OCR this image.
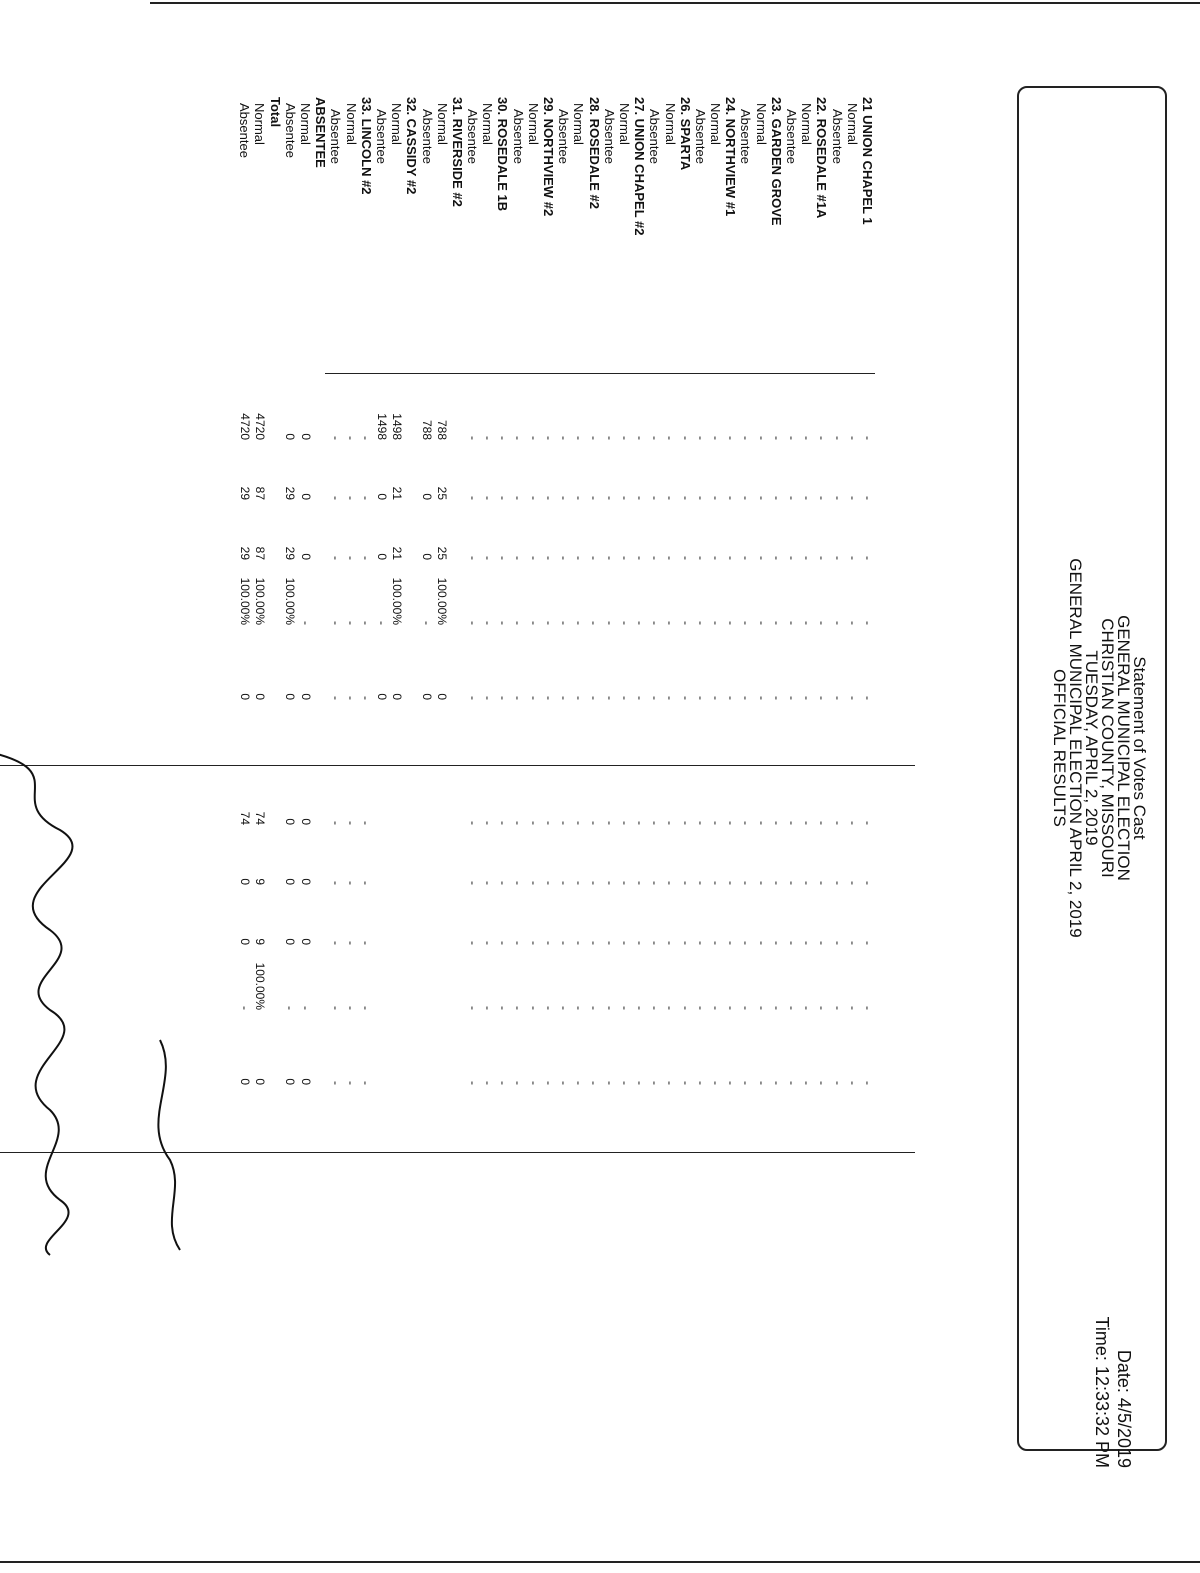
Statement of Votes Cast
GENERAL MUNICIPAL ELECTION
CHRISTIAN COUNTY, MISSOURI
TUESDAY, APRIL 2, 2019
GENERAL MUNICIPAL ELECTION APRIL 2, 2019
OFFICIAL RESULTS
Date: 4/5/2019
Time: 12:33:32 PM
21 UNION CHAPEL 1
Normal
Absentee
22. ROSEDALE #1A
Normal
Absentee
23. GARDEN GROVE
Normal
Absentee
24. NORTHVIEW #1
Normal
Absentee
26. SPARTA
Normal
Absentee
27. UNION CHAPEL #2
Normal
Absentee
28. ROSEDALE #2
Normal
Absentee
29. NORTHVIEW #2
Normal
Absentee
30. ROSEDALE 1B
Normal
Absentee
31. RIVERSIDE #2
Normal
Absentee
32. CASSIDY #2
Normal
Absentee
33. LINCOLN #2
Normal
Absentee
ABSENTEE
Normal
Absentee
Total
Normal
Absentee
-
-
-
-
-
-
-
-
-
-
-
-
-
-
-
-
-
-
-
-
-
-
-
-
-
-
-
-
-
-
-
-
-
-
-
-
-
-
-
-
-
-
-
-
-
-
-
-
-
-
-
-
-
-
-
-
-
-
-
-
-
-
-
-
-
-
-
-
-
-
-
-
-
-
-
-
-
-
-
-
-
-
-
-
-
-
-
-
-
-
-
-
-
-
-
-
-
-
-
-
-
-
-
-
-
-
-
-
-
-
-
-
-
-
-
-
-
-
-
-
-
-
-
-
-
-
-
-
-
-
-
-
-
-
-
-
-
-
-
-
-
-
-
-
-
-
-
-
-
-
-
-
-
-
-
-
-
-
-
-
-
-
-
-
-
-
-
-
-
-
-
-
-
-
-
-
-
-
-
-
-
-
-
-
-
-
-
-
-
-
-
-
-
-
-
-
-
-
-
-
-
-
-
-
-
-
-
-
-
-
-
-
-
-
-
-
-
-
-
-
-
-
-
-
-
-
-
-
-
-
-
-
-
-
-
-
-
-
-
-
-
-
-
-
-
-
-
-
-
-
-
-
-
-
-
-
-
-
-
-
-
-
-
-
-
-
-
-
-
-
788
25
25
100.00%
0
788
0
0
-
0
1498
21
21
100.00%
0
1498
0
0
-
0
-
-
-
-
-
-
-
-
-
-
-
-
-
-
-
-
-
-
-
-
-
-
-
-
-
-
-
-
-
-
0
0
0
-
0
0
0
0
-
0
0
29
29
100.00%
0
0
0
0
-
0
4720
87
87
100.00%
0
74
9
9
100.00%
0
4720
29
29
100.00%
0
74
0
0
-
0
